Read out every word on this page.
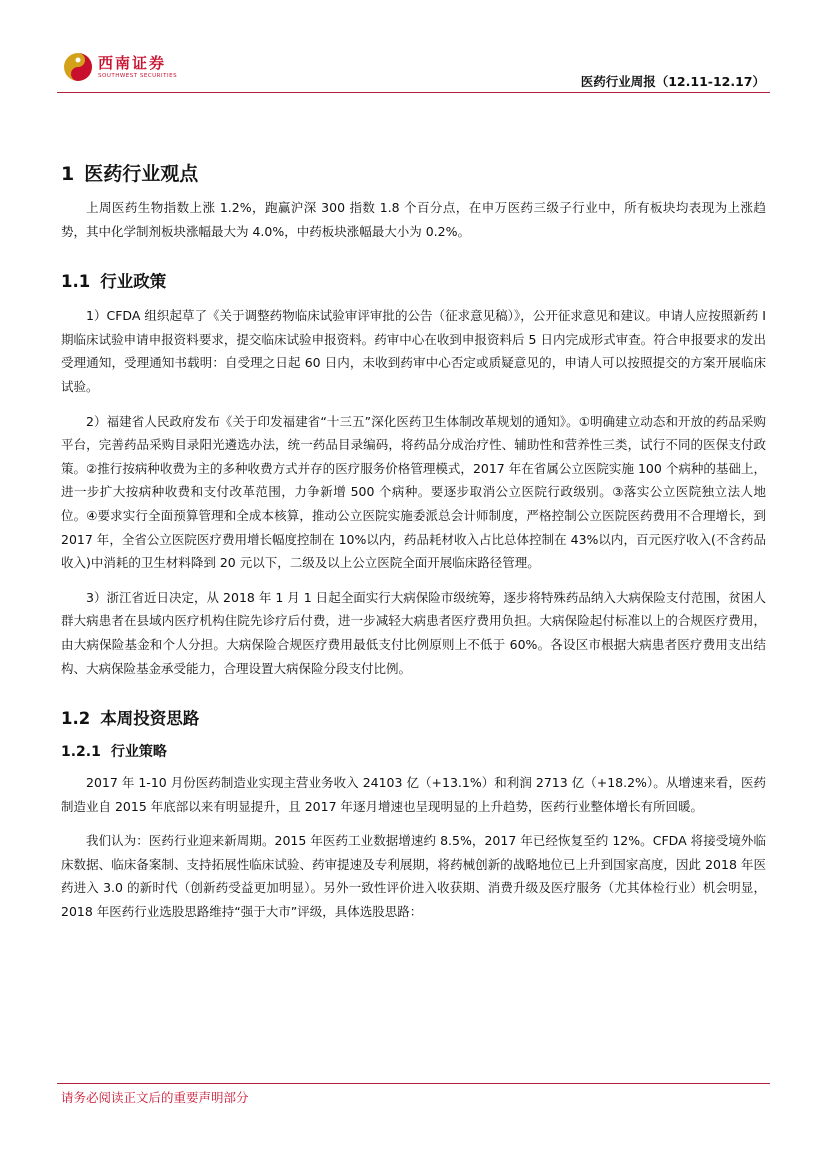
西南证券
SOUTHWEST SECURITIES	医药行业周报（12.11-12.17）
1 医药行业观点

上周医药生物指数上涨 1.2%，跑赢沪深 300 指数 1.8 个百分点，在申万医药三级子行业中，所有板块均表现为上涨趋势，其中化学制剂板块涨幅最大为 4.0%，中药板块涨幅最大小为 0.2%。

1.1 行业政策

1）CFDA 组织起草了《关于调整药物临床试验审评审批的公告（征求意见稿）》，公开征求意见和建议。申请人应按照新药 I 期临床试验申请申报资料要求，提交临床试验申报资料。药审中心在收到申报资料后 5 日内完成形式审查。符合申报要求的发出受理通知，受理通知书载明：自受理之日起 60 日内，未收到药审中心否定或质疑意见的，申请人可以按照提交的方案开展临床试验。

2）福建省人民政府发布《关于印发福建省“十三五”深化医药卫生体制改革规划的通知》。①明确建立动态和开放的药品采购平台，完善药品采购目录阳光遴选办法，统一药品目录编码，将药品分成治疗性、辅助性和营养性三类，试行不同的医保支付政策。②推行按病种收费为主的多种收费方式并存的医疗服务价格管理模式，2017 年在省属公立医院实施 100 个病种的基础上，进一步扩大按病种收费和支付改革范围，力争新增 500 个病种。要逐步取消公立医院行政级别。③落实公立医院独立法人地位。④要求实行全面预算管理和全成本核算，推动公立医院实施委派总会计师制度，严格控制公立医院医药费用不合理增长，到 2017 年，全省公立医院医疗费用增长幅度控制在 10%以内，药品耗材收入占比总体控制在 43%以内，百元医疗收入(不含药品收入)中消耗的卫生材料降到 20 元以下，二级及以上公立医院全面开展临床路径管理。

3）浙江省近日决定，从 2018 年 1 月 1 日起全面实行大病保险市级统筹，逐步将特殊药品纳入大病保险支付范围，贫困人群大病患者在县域内医疗机构住院先诊疗后付费，进一步减轻大病患者医疗费用负担。大病保险起付标准以上的合规医疗费用，由大病保险基金和个人分担。大病保险合规医疗费用最低支付比例原则上不低于 60%。各设区市根据大病患者医疗费用支出结构、大病保险基金承受能力，合理设置大病保险分段支付比例。

1.2 本周投资思路
1.2.1 行业策略

2017 年 1-10 月份医药制造业实现主营业务收入 24103 亿（+13.1%）和利润 2713 亿（+18.2%）。从增速来看，医药制造业自 2015 年底部以来有明显提升，且 2017 年逐月增速也呈现明显的上升趋势，医药行业整体增长有所回暖。

我们认为：医药行业迎来新周期。2015 年医药工业数据增速约 8.5%，2017 年已经恢复至约 12%。CFDA 将接受境外临床数据、临床备案制、支持拓展性临床试验、药审提速及专利展期，将药械创新的战略地位已上升到国家高度，因此 2018 年医药进入 3.0 的新时代（创新药受益更加明显）。另外一致性评价进入收获期、消费升级及医疗服务（尤其体检行业）机会明显，2018 年医药行业选股思路维持“强于大市”评级，具体选股思路：

请务必阅读正文后的重要声明部分
